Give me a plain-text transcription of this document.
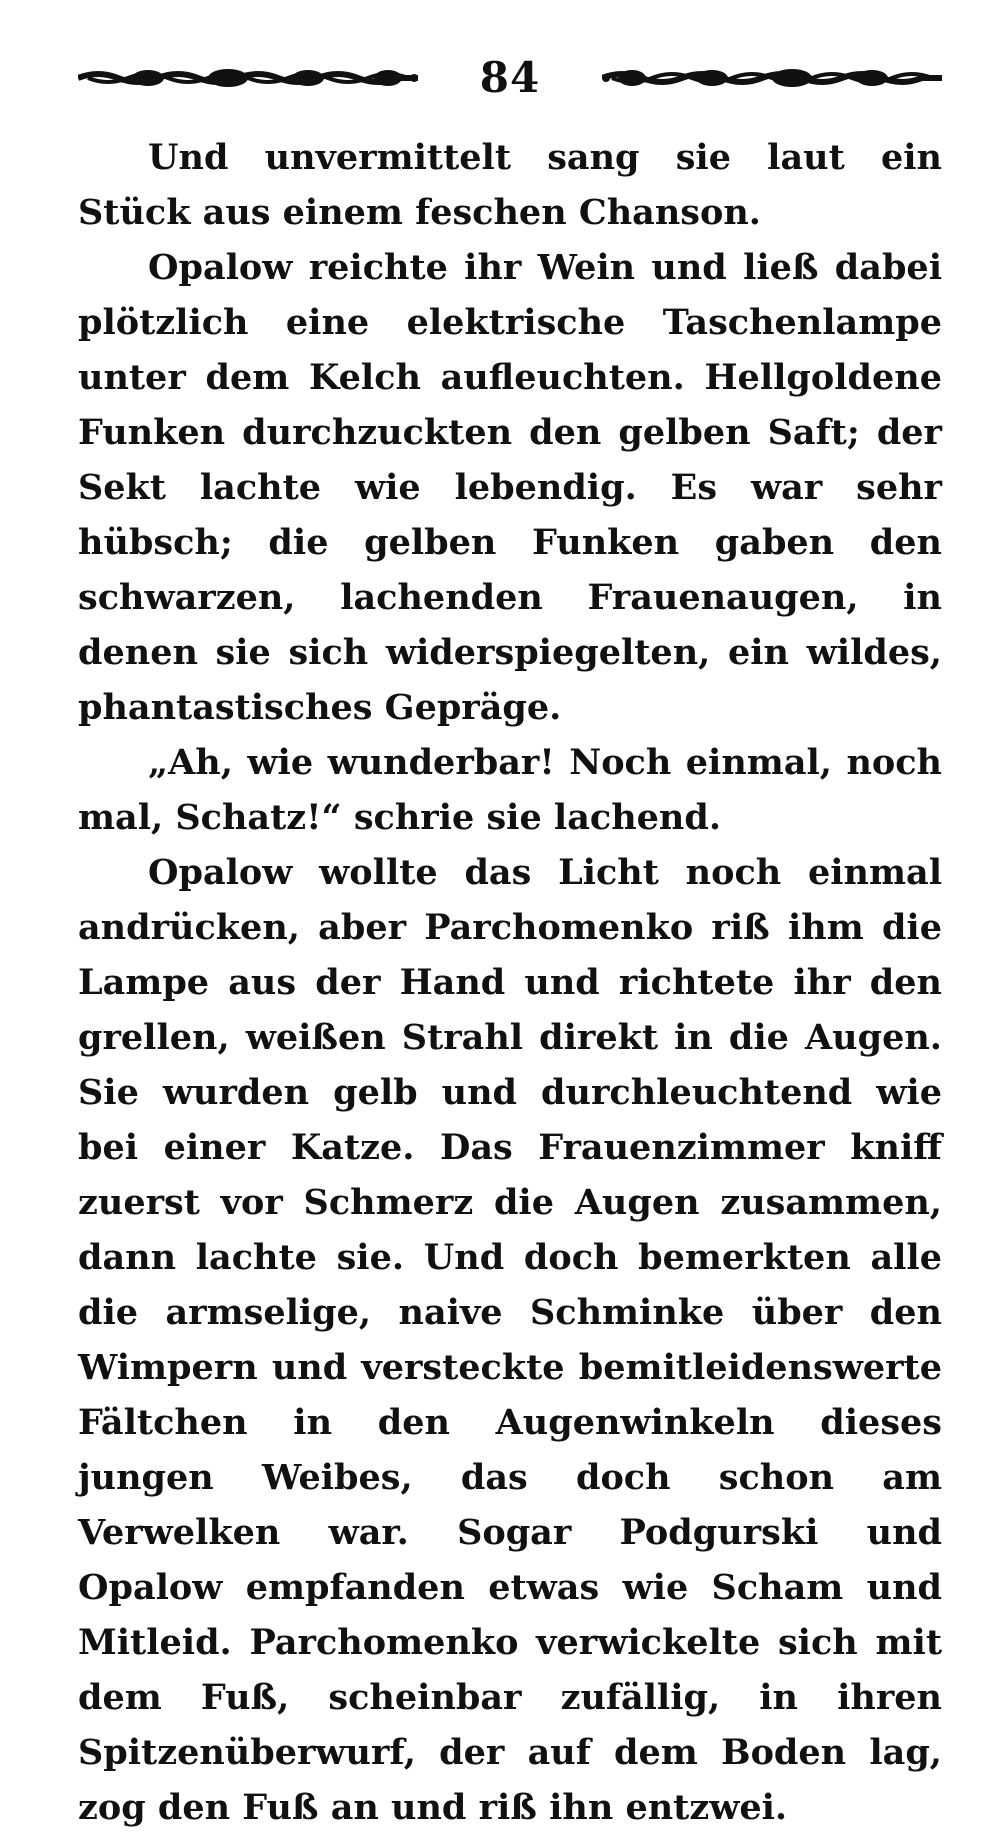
84

Und unvermittelt sang sie laut ein Stück aus einem feschen Chanson.

Opalow reichte ihr Wein und ließ dabei plötzlich eine elektrische Taschenlampe unter dem Kelch aufleuchten. Hellgoldene Funken durchzuckten den gelben Saft; der Sekt lachte wie lebendig. Es war sehr hübsch; die gelben Funken gaben den schwarzen, lachenden Frauenaugen, in denen sie sich widerspiegelten, ein wildes, phantastisches Gepräge.

„Ah, wie wunderbar! Noch einmal, noch mal, Schatz!“ schrie sie lachend.

Opalow wollte das Licht noch einmal andrücken, aber Parchomenko riß ihm die Lampe aus der Hand und richtete ihr den grellen, weißen Strahl direkt in die Augen. Sie wurden gelb und durchleuchtend wie bei einer Katze. Das Frauenzimmer kniff zuerst vor Schmerz die Augen zusammen, dann lachte sie. Und doch bemerkten alle die armselige, naive Schminke über den Wimpern und versteckte bemitleidenswerte Fältchen in den Augenwinkeln dieses jungen Weibes, das doch schon am Verwelken war. Sogar Podgurski und Opalow empfanden etwas wie Scham und Mitleid. Parchomenko verwickelte sich mit dem Fuß, scheinbar zufällig, in ihren Spitzenüberwurf, der auf dem Boden lag, zog den Fuß an und riß ihn entzwei.
